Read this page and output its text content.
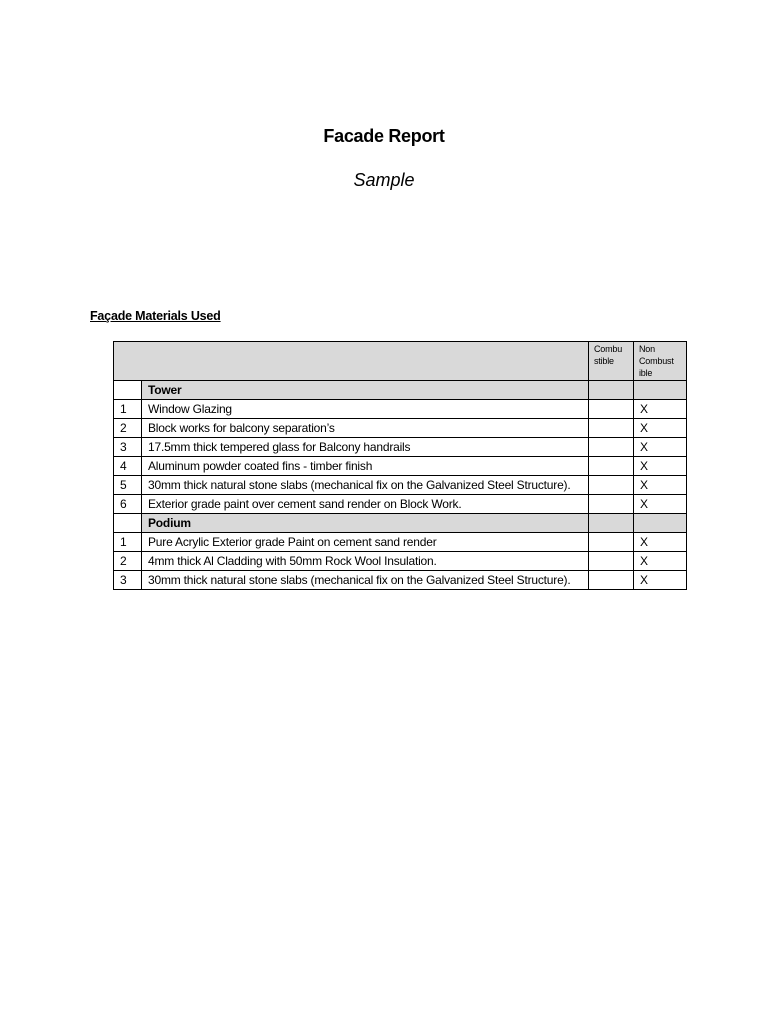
Facade Report
Sample
Façade Materials Used
		Combu stible	Non Combust ible
	Tower		
1	Window Glazing		X
2	Block works for balcony separation’s		X
3	17.5mm thick tempered glass for Balcony handrails		X
4	Aluminum powder coated fins - timber finish		X
5	30mm thick natural stone slabs (mechanical fix on the Galvanized Steel Structure).		X
6	Exterior grade paint over cement sand render on Block Work.		X
	Podium		
1	Pure Acrylic Exterior grade Paint on cement sand render		X
2	4mm thick Al Cladding with 50mm Rock Wool Insulation.		X
3	30mm thick natural stone slabs (mechanical fix on the Galvanized Steel Structure).		X
